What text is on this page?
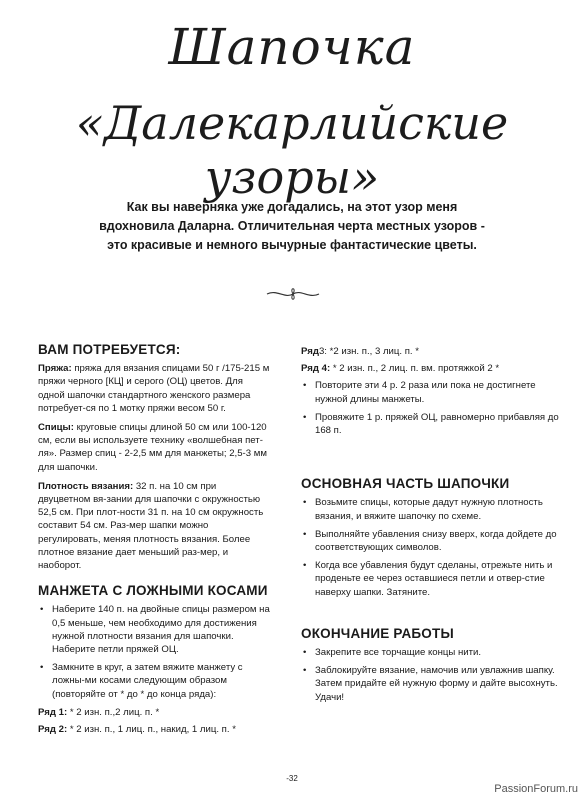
Шапочка
«Далекарлийские узоры»
Как вы наверняка уже догадались, на этот узор меня вдохновила Даларна. Отличительная черта местных узоров - это красивые и немного вычурные фантастические цветы.
ВАМ ПОТРЕБУЕТСЯ:

Пряжа: пряжа для вязания спицами 50 г /175-215 м пряжи черного [КЦ] и серого (ОЦ) цветов. Для одной шапочки стандартного женского размера потребует-ся по 1 мотку пряжи весом 50 г.

Спицы: круговые спицы длиной 50 см или 100-120 см, если вы используете технику «волшебная пет-ля». Размер спиц - 2-2,5 мм для манжеты; 2,5-3 мм для шапочки.

Плотность вязания: 32 п. на 10 см при двуцветном вя-зании для шапочки с окружностью 52,5 см. При плот-ности 31 п. на 10 см окружность составит 54 см. Раз-мер шапки можно регулировать, меняя плотность вязания. Более плотное вязание дает меньший раз-мер, и наоборот.

МАНЖЕТА С ЛОЖНЫМИ КОСАМИ
• Наберите 140 п. на двойные спицы размером на 0,5 меньше, чем необходимо для достижения нужной плотности вязания для шапочки. Наберите петли пряжей ОЦ.
• Замкните в круг, а затем вяжите манжету с ложны-ми косами следующим образом (повторяйте от * до * до конца ряда):

Ряд 1: * 2 изн. п.,2 лиц. п. *

Ряд 2: * 2 изн. п., 1 лиц. п., накид, 1 лиц. п. *

Ряд3: *2 изн. п., 3 лиц. п. *

Ряд 4: * 2 изн. п., 2 лиц. п. вм. протяжкой 2 *

• Повторите эти 4 р. 2 раза или пока не достигнете нужной длины манжеты.
• Провяжите 1 р. пряжей ОЦ, равномерно прибавляя до 168 п.
ОСНОВНАЯ ЧАСТЬ ШАПОЧКИ
• Возьмите спицы, которые дадут нужную плотность вязания, и вяжите шапочку по схеме.
• Выполняйте убавления снизу вверх, когда дойдете до соответствующих символов.
• Когда все убавления будут сделаны, отрежьте нить и проденьте ее через оставшиеся петли и отвер-стие наверху шапки. Затяните.
ОКОНЧАНИЕ РАБОТЫ
• Закрепите все торчащие концы нити.
• Заблокируйте вязание, намочив или увлажнив шапку. Затем придайте ей нужную форму и дайте высохнуть. Удачи!
-32
PassionForum.ru
